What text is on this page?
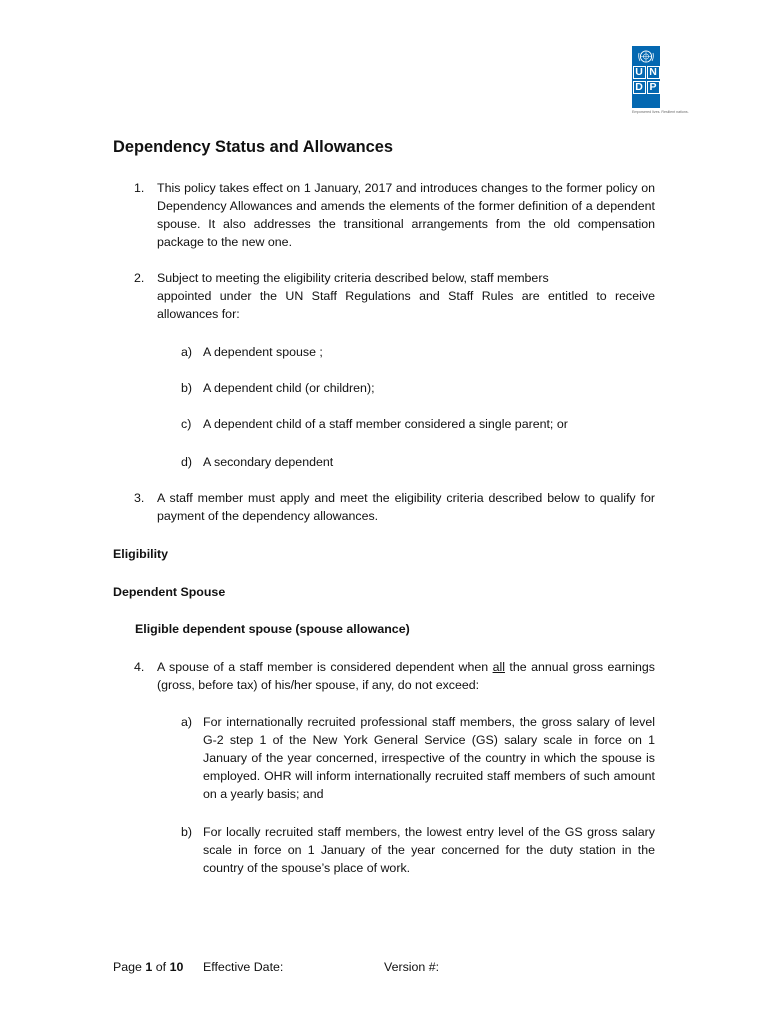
U N
D P
Empowered lives. Resilient nations.
Dependency Status and Allowances
1. This policy takes effect on 1 January, 2017 and introduces changes to the former policy on Dependency Allowances and amends the elements of the former definition of a dependent spouse. It also addresses the transitional arrangements from the old compensation package to the new one.
2. Subject to meeting the eligibility criteria described below, staff members
appointed under the UN Staff Regulations and Staff Rules are entitled to receive allowances for:
a) A dependent spouse ;
b) A dependent child (or children);
c) A dependent child of a staff member considered a single parent; or
d) A secondary dependent
3. A staff member must apply and meet the eligibility criteria described below to qualify for payment of the dependency allowances.
Eligibility
Dependent Spouse
Eligible dependent spouse (spouse allowance)
4. A spouse of a staff member is considered dependent when all the annual gross earnings (gross, before tax) of his/her spouse, if any, do not exceed:
a) For internationally recruited professional staff members, the gross salary of level G-2 step 1 of the New York General Service (GS) salary scale in force on 1 January of the year concerned, irrespective of the country in which the spouse is employed. OHR will inform internationally recruited staff members of such amount on a yearly basis; and
b) For locally recruited staff members, the lowest entry level of the GS gross salary scale in force on 1 January of the year concerned for the duty station in the country of the spouse’s place of work.
Page 1 of 10 Effective Date:	Version #:
